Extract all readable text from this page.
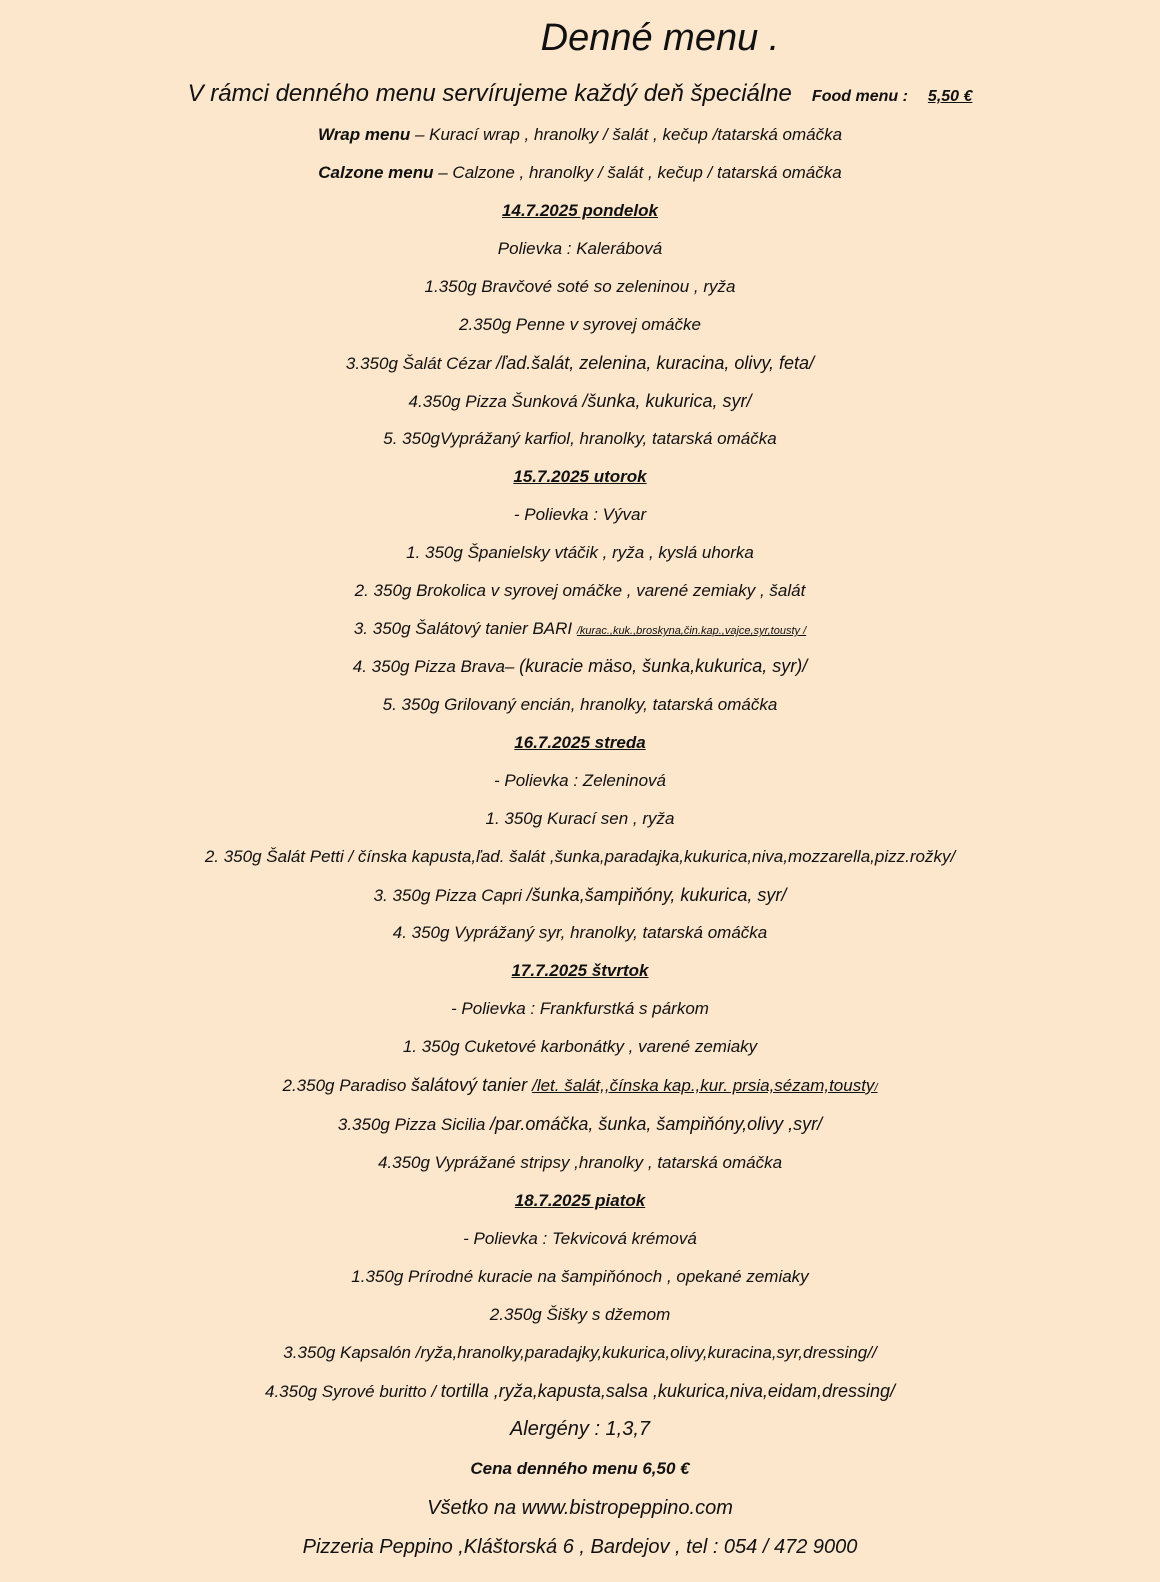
Denné menu .
V rámci denného menu servírujeme každý deň špeciálne Food menu : 5,50 €
Wrap menu – Kurací wrap , hranolky / šalát , kečup /tatarská omáčka
Calzone menu – Calzone , hranolky / šalát , kečup / tatarská omáčka
14.7.2025 pondelok
Polievka : Kalerábová
1.350g Bravčové soté so zeleninou , ryža
2.350g Penne v syrovej omáčke
3.350g Šalát Cézar /ľad.šalát, zelenina, kuracina, olivy, feta/
4.350g Pizza Šunková /šunka, kukurica, syr/
5. 350gVyprážaný karfiol, hranolky, tatarská omáčka
15.7.2025 utorok
- Polievka : Vývar
1. 350g Španielsky vtáčik , ryža , kyslá uhorka
2. 350g Brokolica v syrovej omáčke , varené zemiaky , šalát
3. 350g Šalátový tanier BARI /kurac.,kuk.,broskyna,čin.kap.,vajce,syr,tousty /
4. 350g Pizza Brava– (kuracie mäso, šunka,kukurica, syr)/
5. 350g Grilovaný encián, hranolky, tatarská omáčka
16.7.2025 streda
- Polievka : Zeleninová
1. 350g Kurací sen , ryža
2. 350g Šalát Petti / čínska kapusta,ľad. šalát ,šunka,paradajka,kukurica,niva,mozzarella,pizz.rožky/
3. 350g Pizza Capri /šunka,šampiňóny, kukurica, syr/
4. 350g Vyprážaný syr, hranolky, tatarská omáčka
17.7.2025 štvrtok
- Polievka : Frankfurstká s párkom
1. 350g Cuketové karbonátky , varené zemiaky
2.350g Paradiso šalátový tanier /let. šalát,,čínska kap.,kur. prsia,sézam,tousty/
3.350g Pizza Sicilia /par.omáčka, šunka, šampiňóny,olivy ,syr/
4.350g Vyprážané stripsy ,hranolky , tatarská omáčka
18.7.2025 piatok
- Polievka : Tekvicová krémová
1.350g Prírodné kuracie na šampiňónoch , opekané zemiaky
2.350g Šišky s džemom
3.350g Kapsalón /ryža,hranolky,paradajky,kukurica,olivy,kuracina,syr,dressing//
4.350g Syrové buritto / tortilla ,ryža,kapusta,salsa ,kukurica,niva,eidam,dressing/
Alergény : 1,3,7
Cena denného menu 6,50 €
Všetko na www.bistropeppino.com
Pizzeria Peppino ,Kláštorská 6 , Bardejov , tel : 054 / 472 9000
